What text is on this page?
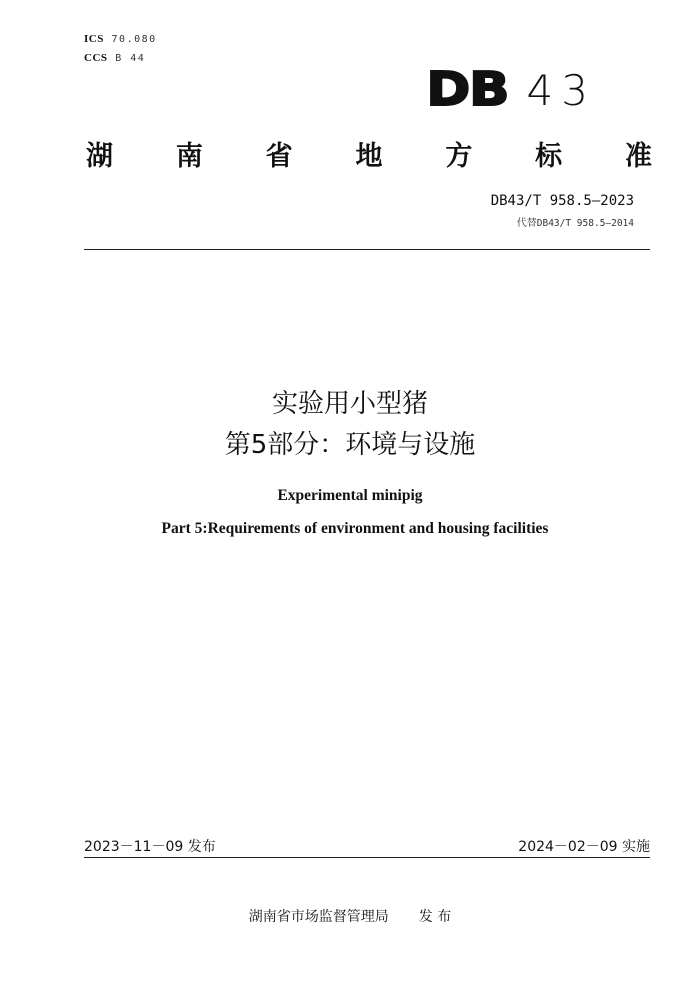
ICS 70.080
CCS B 44
DB 43
湖 南 省 地 方 标 准
DB43/T 958.5—2023
代替DB43/T 958.5—2014
实验用小型猪
第5部分：环境与设施
Experimental minipig
Part 5:Requirements of environment and housing facilities
2023－11－09 发布	2024－02－09 实施
湖南省市场监督管理局 发 布
